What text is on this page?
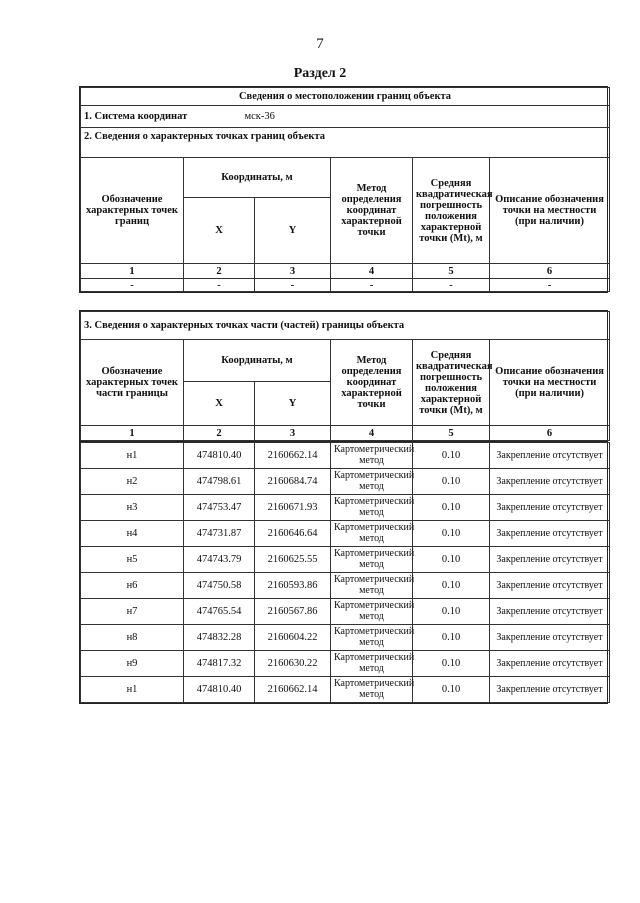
7
Раздел 2
Сведения о местоположении границ объекта					
1. Система координат мск-36					
2. Сведения о характерных точках границ объекта					
Обозначение характерных точек границ	Координаты, м		Метод определения координат характерной точки	Средняя квадратическая погрешность положения характерной точки (Mt), м	Описание обозначения точки на местности (при наличии)
	X	Y			
1	2	3	4	5	6
-	-	-	-	-	-
3. Сведения о характерных точках части (частей) границы объекта					
Обозначение характерных точек части границы	Координаты, м		Метод определения координат характерной точки	Средняя квадратическая погрешность положения характерной точки (Mt), м	Описание обозначения точки на местности (при наличии)
	X	Y			
1	2	3	4	5	6
н1	474810.40	2160662.14	Картометрический метод	0.10	Закрепление отсутствует
н2	474798.61	2160684.74	Картометрический метод	0.10	Закрепление отсутствует
н3	474753.47	2160671.93	Картометрический метод	0.10	Закрепление отсутствует
н4	474731.87	2160646.64	Картометрический метод	0.10	Закрепление отсутствует
н5	474743.79	2160625.55	Картометрический метод	0.10	Закрепление отсутствует
н6	474750.58	2160593.86	Картометрический метод	0.10	Закрепление отсутствует
н7	474765.54	2160567.86	Картометрический метод	0.10	Закрепление отсутствует
н8	474832.28	2160604.22	Картометрический метод	0.10	Закрепление отсутствует
н9	474817.32	2160630.22	Картометрический метод	0.10	Закрепление отсутствует
н1	474810.40	2160662.14	Картометрический метод	0.10	Закрепление отсутствует
